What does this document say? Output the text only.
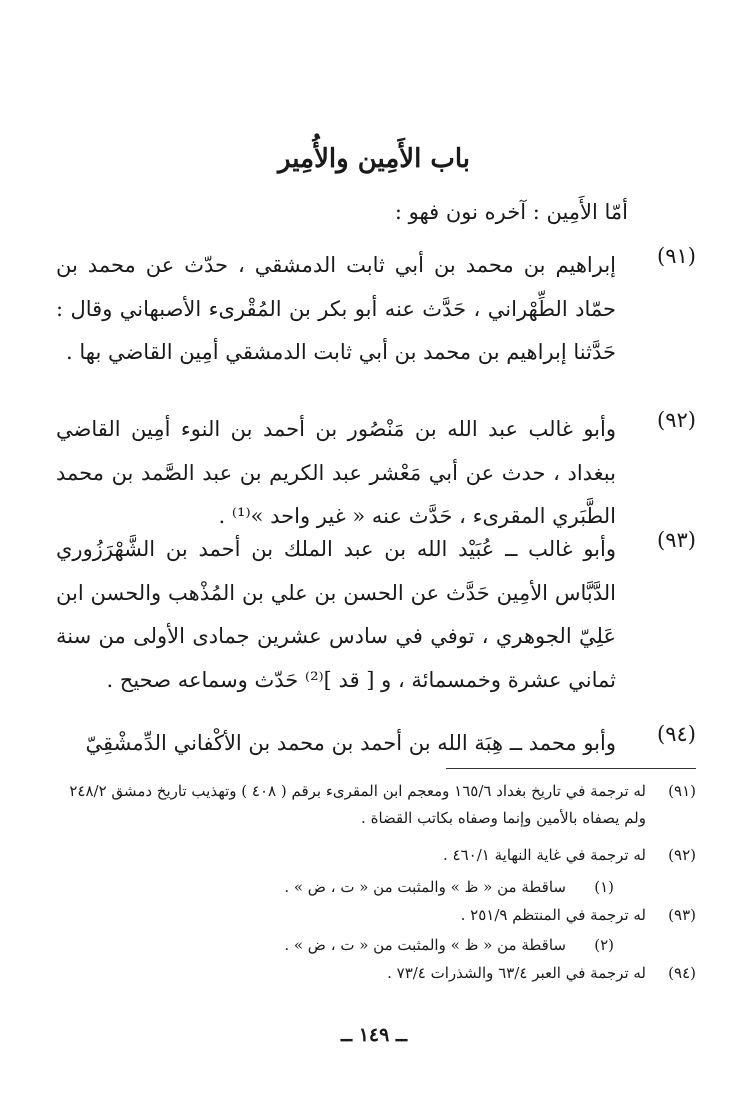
باب الأَمِين والأُمِير
أمّا الأَمِين : آخره نون فهو :
(٩١)
إبراهيم بن محمد بن أبي ثابت الدمشقي ، حدّث عن محمد بن حمّاد الطِّهْراني ، حَدَّث عنه أبو بكر بن المُقْرىء الأصبهاني وقال : حَدَّثنا إبراهيم بن محمد بن أبي ثابت الدمشقي أمِين القاضي بها .
(٩٢)
وأبو غالب عبد الله بن مَنْصُور بن أحمد بن النوء أمِين القاضي ببغداد ، حدث عن أبي مَعْشر عبد الكريم بن عبد الصَّمد بن محمد الطَّبَري المقرىء ، حَدَّث عنه « غير واحد »⁽¹⁾ .
(٩٣)
وأبو غالب ــ عُبَيْد الله بن عبد الملك بن أحمد بن الشَّهْرَزُوري الدَّبَّاس الأمِين حَدَّث عن الحسن بن علي بن المُذْهب والحسن ابن عَلِيّ الجوهري ، توفي في سادس عشرين جمادى الأولى من سنة ثماني عشرة وخمسمائة ، و [ قد ]⁽²⁾ حَدّث وسماعه صحيح .
(٩٤)
وأبو محمد ــ هِبَة الله بن أحمد بن محمد بن الأكْفاني الدِّمشْقِيّ
(٩١)
له ترجمة في تاريخ بغداد ١٦٥/٦ ومعجم ابن المقرىء برقم ( ٤٠٨ ) وتهذيب تاريخ دمشق ٢٤٨/٢ ولم يصفاه بالأمين وإنما وصفاه بكاتب القضاة .
(٩٢)
له ترجمة في غاية النهاية ٤٦٠/١ .
(١)
ساقطة من « ظ » والمثبت من « ت ، ض » .
(٩٣)
له ترجمة في المنتظم ٢٥١/٩ .
(٢)
ساقطة من « ظ » والمثبت من « ت ، ض » .
(٩٤)
له ترجمة في العبر ٦٣/٤ والشذرات ٧٣/٤ .
ــ ١٤٩ ــ
